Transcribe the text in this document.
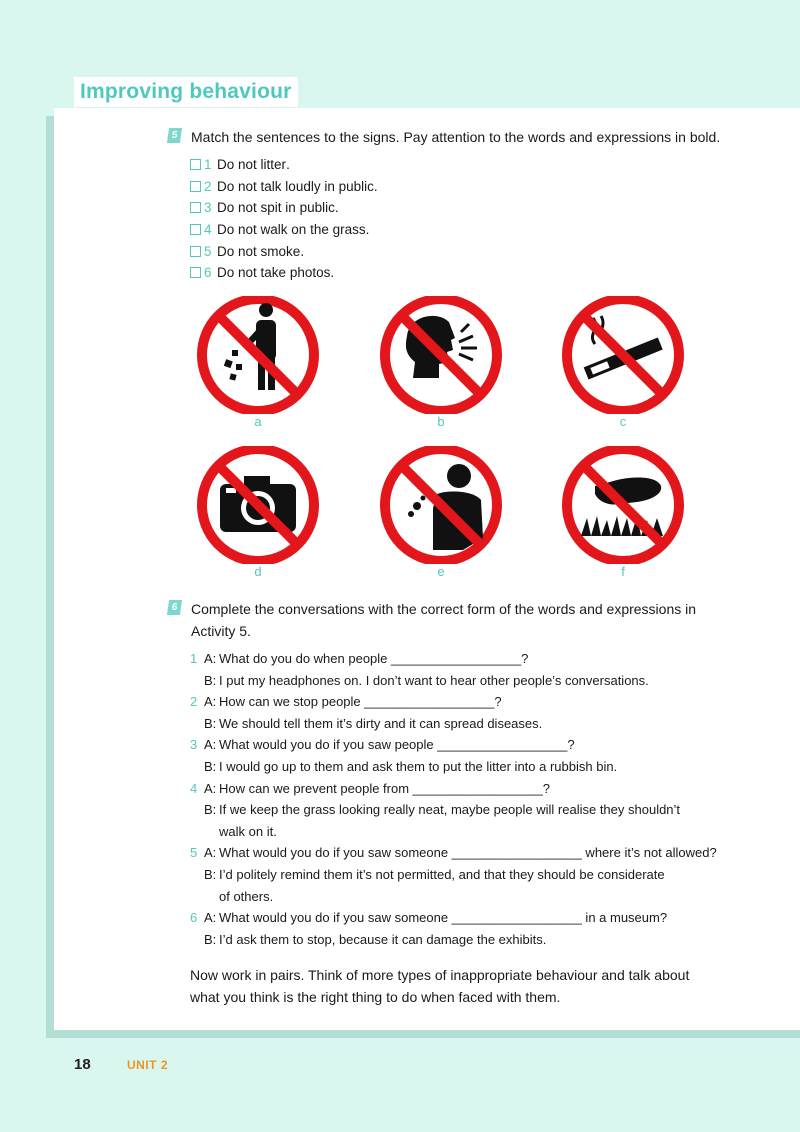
Improving behaviour
5 Match the sentences to the signs. Pay attention to the words and expressions in bold.
1 Do not
litter .
2 Do not
talk loudly in public .
3 Do not
spit in public .
4 Do not
walk on the grass .
5 Do not
smoke .
6 Do not
take photos .
a	b	c
d	e	f
6 Complete the conversations with the correct form of the words and expressions in
Activity 5.
1 A: What do you do when people __________________?
B: I put my headphones on. I don’t want to hear other people’s conversations.
2 A: How can we stop people __________________?
B: We should tell them it’s dirty and it can spread diseases.
3 A: What would you do if you saw people __________________?
B: I would go up to them and ask them to put the litter into a rubbish bin.
4 A: How can we prevent people from __________________?
B: If we keep the grass looking really neat, maybe people will realise they shouldn’t
walk on it.
5 A: What would you do if you saw someone __________________ where it’s not allowed?
B: I’d politely remind them it’s not permitted, and that they should be considerate
of others.
6 A: What would you do if you saw someone __________________ in a museum?
B: I’d ask them to stop, because it can damage the exhibits.
Now work in pairs. Think of more types of inappropriate behaviour and talk about
what you think is the right thing to do when faced with them.
18	UNIT 2
